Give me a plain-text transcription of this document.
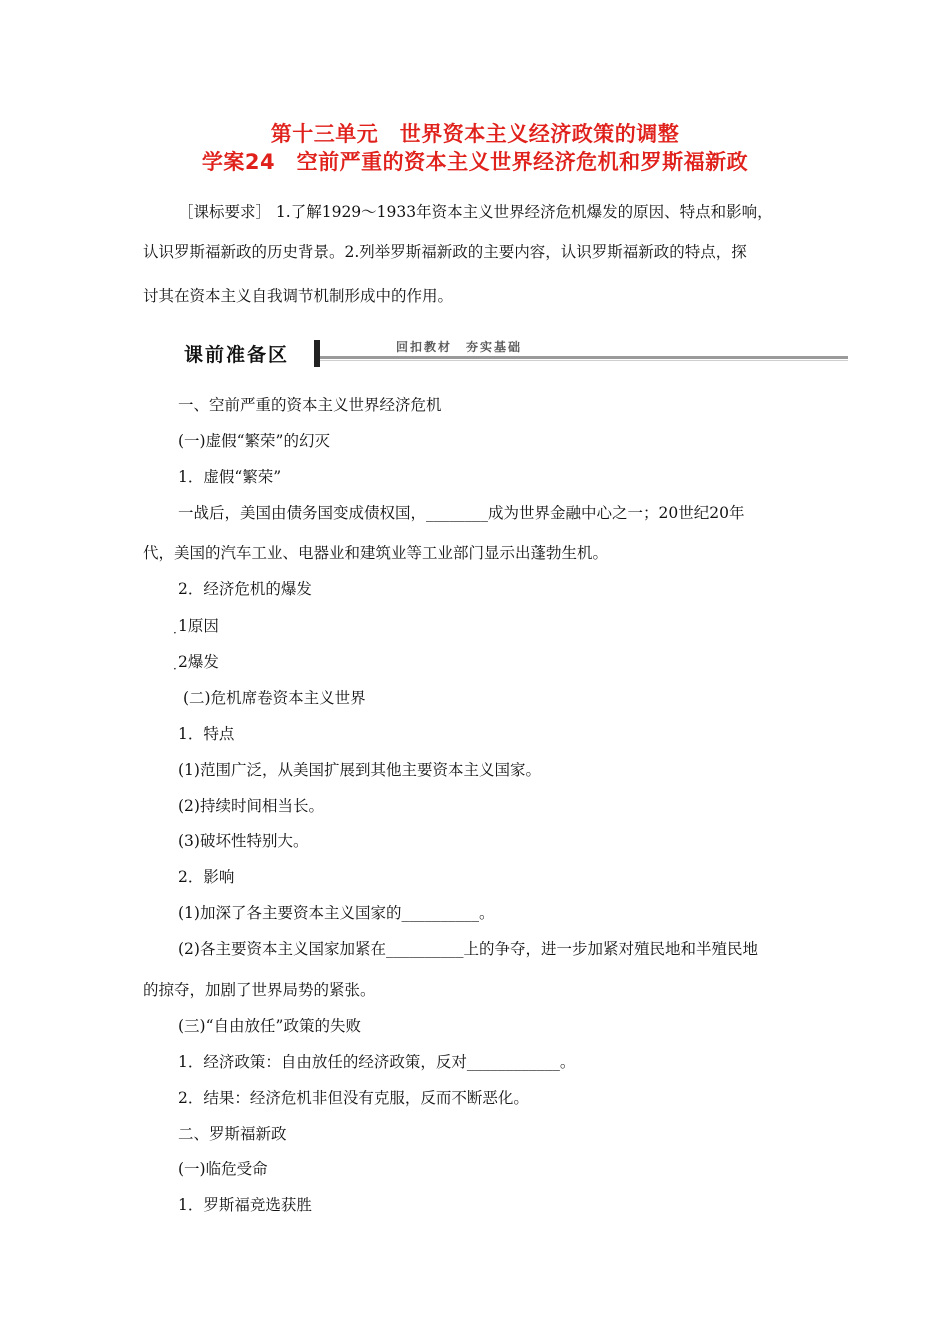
第十三单元　世界资本主义经济政策的调整
学案24　空前严重的资本主义世界经济危机和罗斯福新政
［课标要求］ 1.了解1929～1933年资本主义世界经济危机爆发的原因、特点和影响，
认识罗斯福新政的历史背景。2.列举罗斯福新政的主要内容，认识罗斯福新政的特点，探
讨其在资本主义自我调节机制形成中的作用。
课前准备区	回扣教材　夯实基础
一、空前严重的资本主义世界经济危机
(一)虚假“繁荣”的幻灭
1．虚假“繁荣”
一战后，美国由债务国变成债权国，________成为世界金融中心之一；20世纪20年
代，美国的汽车工业、电器业和建筑业等工业部门显示出蓬勃生机。
2．经济危机的爆发
· 1原因
· 2爆发
(二)危机席卷资本主义世界
1．特点
(1)范围广泛，从美国扩展到其他主要资本主义国家。
(2)持续时间相当长。
(3)破坏性特别大。
2．影响
(1)加深了各主要资本主义国家的__________。
(2)各主要资本主义国家加紧在__________上的争夺，进一步加紧对殖民地和半殖民地
的掠夺，加剧了世界局势的紧张。
(三)“自由放任”政策的失败
1．经济政策：自由放任的经济政策，反对____________。
2．结果：经济危机非但没有克服，反而不断恶化。
二、罗斯福新政
(一)临危受命
1．罗斯福竞选获胜
